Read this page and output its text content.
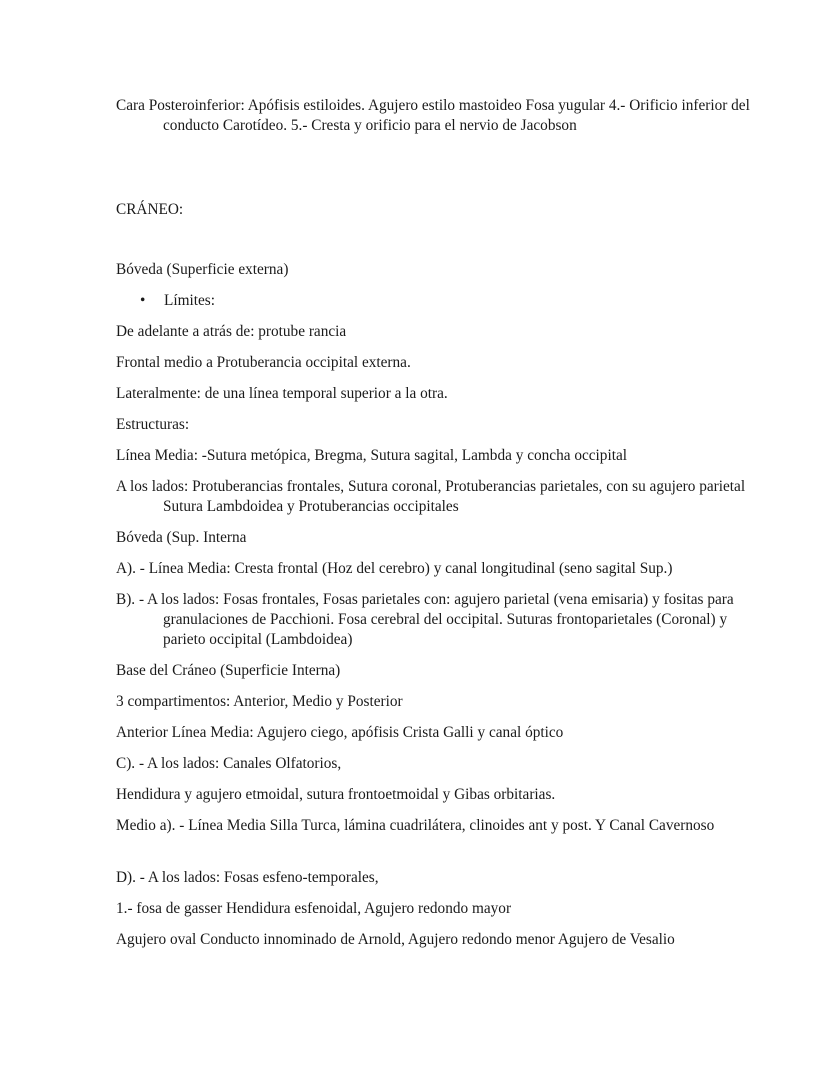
Cara Posteroinferior: Apófisis estiloides. Agujero estilo mastoideo Fosa yugular 4.- Orificio inferior del conducto Carotídeo. 5.- Cresta y orificio para el nervio de Jacobson

CRÁNEO:

Bóveda (Superficie externa)

• Límites:

De adelante a atrás de: protube rancia

Frontal medio a Protuberancia occipital externa.

Lateralmente: de una línea temporal superior a la otra.

Estructuras:

Línea Media: -Sutura metópica, Bregma, Sutura sagital, Lambda y concha occipital

A los lados: Protuberancias frontales, Sutura coronal, Protuberancias parietales, con su agujero parietal Sutura Lambdoidea y Protuberancias occipitales

Bóveda (Sup. Interna

A). - Línea Media: Cresta frontal (Hoz del cerebro) y canal longitudinal (seno sagital Sup.)

B). - A los lados: Fosas frontales, Fosas parietales con: agujero parietal (vena emisaria) y fositas para granulaciones de Pacchioni. Fosa cerebral del occipital. Suturas frontoparietales (Coronal) y parieto occipital (Lambdoidea)

Base del Cráneo (Superficie Interna)

3 compartimentos: Anterior, Medio y Posterior

Anterior Línea Media: Agujero ciego, apófisis Crista Galli y canal óptico

C). - A los lados: Canales Olfatorios,

Hendidura y agujero etmoidal, sutura frontoetmoidal y Gibas orbitarias.

Medio a). - Línea Media Silla Turca, lámina cuadrilátera, clinoides ant y post. Y Canal Cavernoso

D). - A los lados: Fosas esfeno-temporales,

1.- fosa de gasser Hendidura esfenoidal, Agujero redondo mayor

Agujero oval Conducto innominado de Arnold, Agujero redondo menor Agujero de Vesalio
